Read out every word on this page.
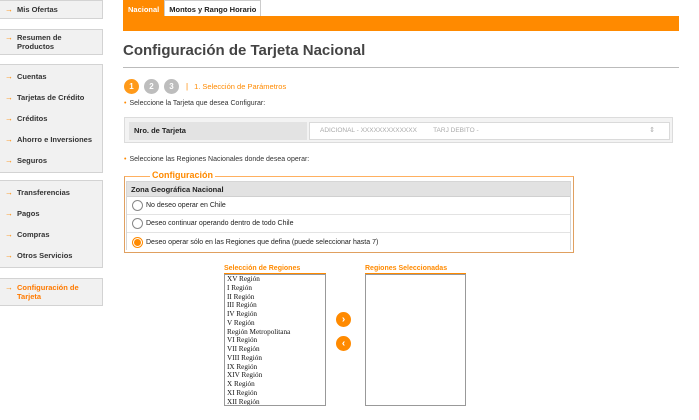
→ Mis Ofertas
→ Resumen de Productos
→ Cuentas
→ Tarjetas de Crédito
→ Créditos
→ Ahorro e Inversiones
→ Seguros
→ Transferencias
→ Pagos
→ Compras
→ Otros Servicios
→ Configuración de Tarjeta
Nacional	Montos y Rango Horario
Configuración de Tarjeta Nacional
1	2	3	| 1. Selección de Parámetros
• Seleccione la Tarjeta que desea Configurar:
Nro. de Tarjeta	ADICIONAL - XXXXXXXXXXXXX         TARJ DEBITO -	⇕
• Seleccione las Regiones Nacionales donde desea operar:
Configuración
Zona Geográfica Nacional
No deseo operar en Chile
Deseo continuar operando dentro de todo Chile
Deseo operar sólo en las Regiones que defina (puede seleccionar hasta 7)
Selección de Regiones
XV Región
I Región
II Región
III Región
IV Región
V Región
Región Metropolitana
VI Región
VII Región
VIII Región
IX Región
XIV Región
X Región
XI Región
XII Región
›
‹
Regiones Seleccionadas
